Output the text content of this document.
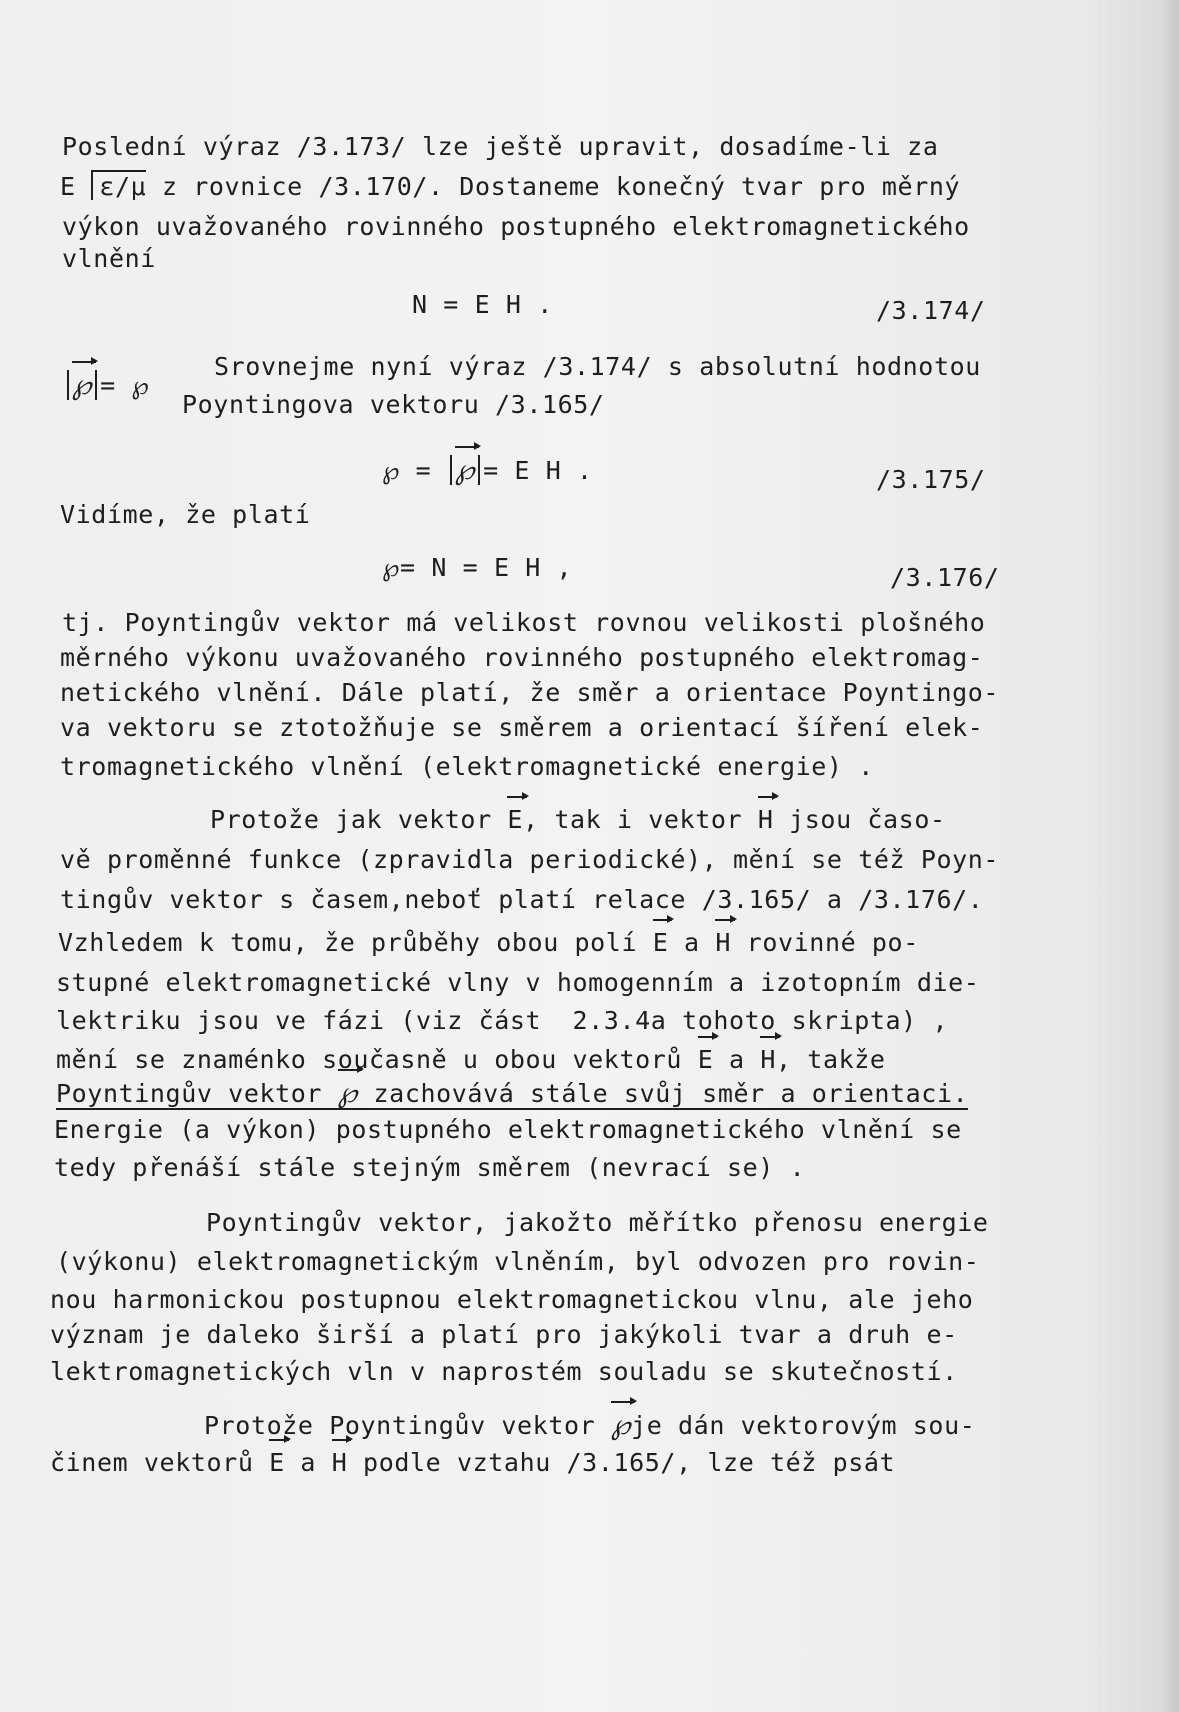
Poslední výraz /3.173/ lze ještě upravit, dosadíme-li za
E ε/μ z rovnice /3.170/. Dostaneme konečný tvar pro měrný
výkon uvažovaného rovinného postupného elektromagnetického
vlnění
N = E H .	/3.174/
℘ = ℘
Srovnejme nyní výraz /3.174/ s absolutní hodnotou
Poyntingova vektoru /3.165/
℘ = ℘ = E H .	/3.175/
Vidíme, že platí
℘= N = E H ,	/3.176/
tj. Poyntingův vektor má velikost rovnou velikosti plošného
měrného výkonu uvažovaného rovinného postupného elektromag-
netického vlnění. Dále platí, že směr a orientace Poyntingo-
va vektoru se ztotožňuje se směrem a orientací šíření elek-
tromagnetického vlnění (elektromagnetické energie) .
Protože jak vektor E, tak i vektor H jsou časo-
vě proměnné funkce (zpravidla periodické), mění se též Poyn-
tingův vektor s časem,neboť platí relace /3.165/ a /3.176/.
Vzhledem k tomu, že průběhy obou polí E a H rovinné po-
stupné elektromagnetické vlny v homogenním a izotopním die-
lektriku jsou ve fázi (viz část  2.3.4a tohoto skripta) ,
mění se znaménko současně u obou vektorů E a H, takže
Poyntingův vektor ℘ zachovává stále svůj směr a orientaci.
Energie (a výkon) postupného elektromagnetického vlnění se
tedy přenáší stále stejným směrem (nevrací se) .
Poyntingův vektor, jakožto měřítko přenosu energie
(výkonu) elektromagnetickým vlněním, byl odvozen pro rovin-
nou harmonickou postupnou elektromagnetickou vlnu, ale jeho
význam je daleko širší a platí pro jakýkoli tvar a druh e-
lektromagnetických vln v naprostém souladu se skutečností.
Protože Poyntingův vektor ℘je dán vektorovým sou-
činem vektorů E a H podle vztahu /3.165/, lze též psát
